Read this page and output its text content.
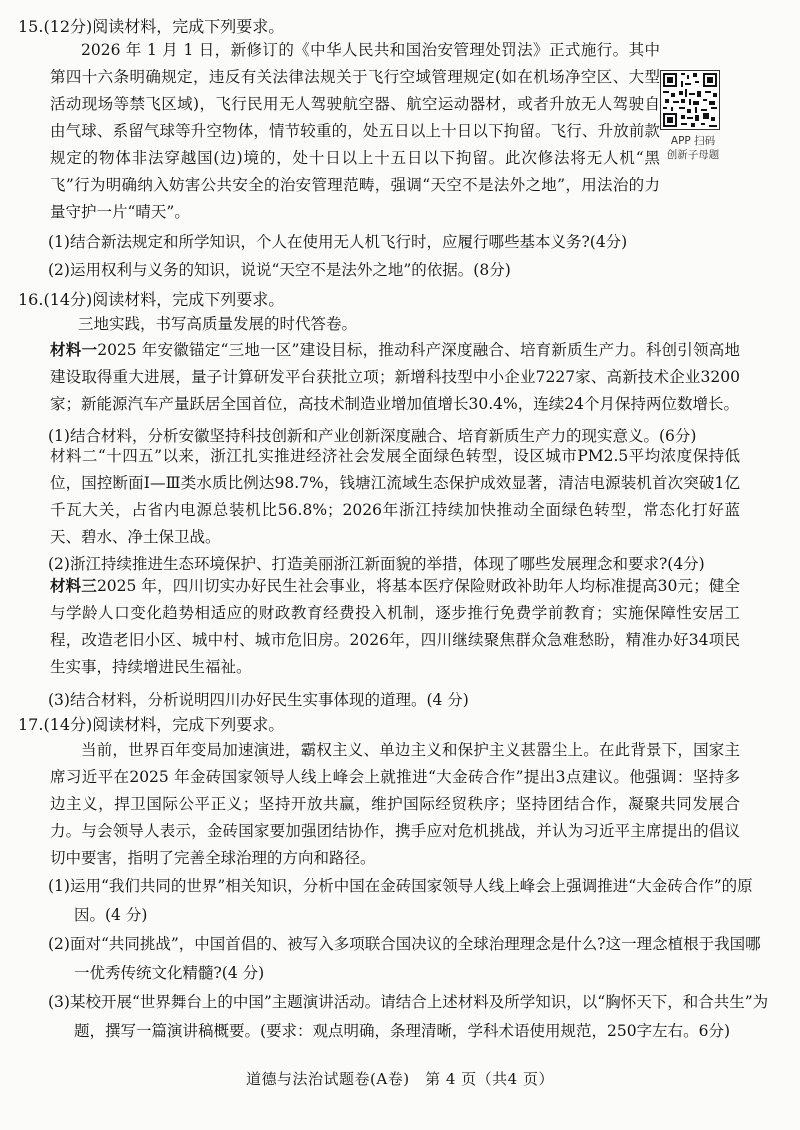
15.(12分)阅读材料，完成下列要求。
2026 年 1 月 1 日，新修订的《中华人民共和国治安管理处罚法》正式施行。其中第四十六条明确规定，违反有关法律法规关于飞行空域管理规定(如在机场净空区、大型活动现场等禁飞区域)，飞行民用无人驾驶航空器、航空运动器材，或者升放无人驾驶自由气球、系留气球等升空物体，情节较重的，处五日以上十日以下拘留。飞行、升放前款规定的物体非法穿越国(边)境的，处十日以上十五日以下拘留。此次修法将无人机“黑飞”行为明确纳入妨害公共安全的治安管理范畴，强调“天空不是法外之地”，用法治的力量守护一片“晴天”。
(1)结合新法规定和所学知识，个人在使用无人机飞行时，应履行哪些基本义务?(4分)
(2)运用权利与义务的知识，说说“天空不是法外之地”的依据。(8分)
APP 扫码
创新子母题
16.(14分)阅读材料，完成下列要求。
三地实践，书写高质量发展的时代答卷。
材料一2025 年安徽锚定“三地一区”建设目标，推动科产深度融合、培育新质生产力。科创引领高地建设取得重大进展，量子计算研发平台获批立项；新增科技型中小企业7227家、高新技术企业3200家；新能源汽车产量跃居全国首位，高技术制造业增加值增长30.4%，连续24个月保持两位数增长。
(1)结合材料，分析安徽坚持科技创新和产业创新深度融合、培育新质生产力的现实意义。(6分)
材料二“十四五”以来，浙江扎实推进经济社会发展全面绿色转型，设区城市PM2.5平均浓度保持低位，国控断面Ⅰ—Ⅲ类水质比例达98.7%，钱塘江流域生态保护成效显著，清洁电源装机首次突破1亿千瓦大关，占省内电源总装机比56.8%；2026年浙江持续加快推动全面绿色转型，常态化打好蓝天、碧水、净土保卫战。
(2)浙江持续推进生态环境保护、打造美丽浙江新面貌的举措，体现了哪些发展理念和要求?(4分)
材料三2025 年，四川切实办好民生社会事业，将基本医疗保险财政补助年人均标准提高30元；健全与学龄人口变化趋势相适应的财政教育经费投入机制，逐步推行免费学前教育；实施保障性安居工程，改造老旧小区、城中村、城市危旧房。2026年，四川继续聚焦群众急难愁盼，精准办好34项民生实事，持续增进民生福祉。
(3)结合材料，分析说明四川办好民生实事体现的道理。(4 分)
17.(14分)阅读材料，完成下列要求。
当前，世界百年变局加速演进，霸权主义、单边主义和保护主义甚嚣尘上。在此背景下，国家主席习近平在2025 年金砖国家领导人线上峰会上就推进“大金砖合作”提出3点建议。他强调：坚持多边主义，捍卫国际公平正义；坚持开放共赢，维护国际经贸秩序；坚持团结合作，凝聚共同发展合力。与会领导人表示，金砖国家要加强团结协作，携手应对危机挑战，并认为习近平主席提出的倡议切中要害，指明了完善全球治理的方向和路径。
(1)运用“我们共同的世界”相关知识，分析中国在金砖国家领导人线上峰会上强调推进“大金砖合作”的原因。(4 分)
(2)面对“共同挑战”，中国首倡的、被写入多项联合国决议的全球治理理念是什么?这一理念植根于我国哪一优秀传统文化精髓?(4 分)
(3)某校开展“世界舞台上的中国”主题演讲活动。请结合上述材料及所学知识，以“胸怀天下，和合共生”为题，撰写一篇演讲稿概要。(要求：观点明确，条理清晰，学科术语使用规范，250字左右。6分)
道德与法治试题卷(A卷)　第 4 页（共4 页）
